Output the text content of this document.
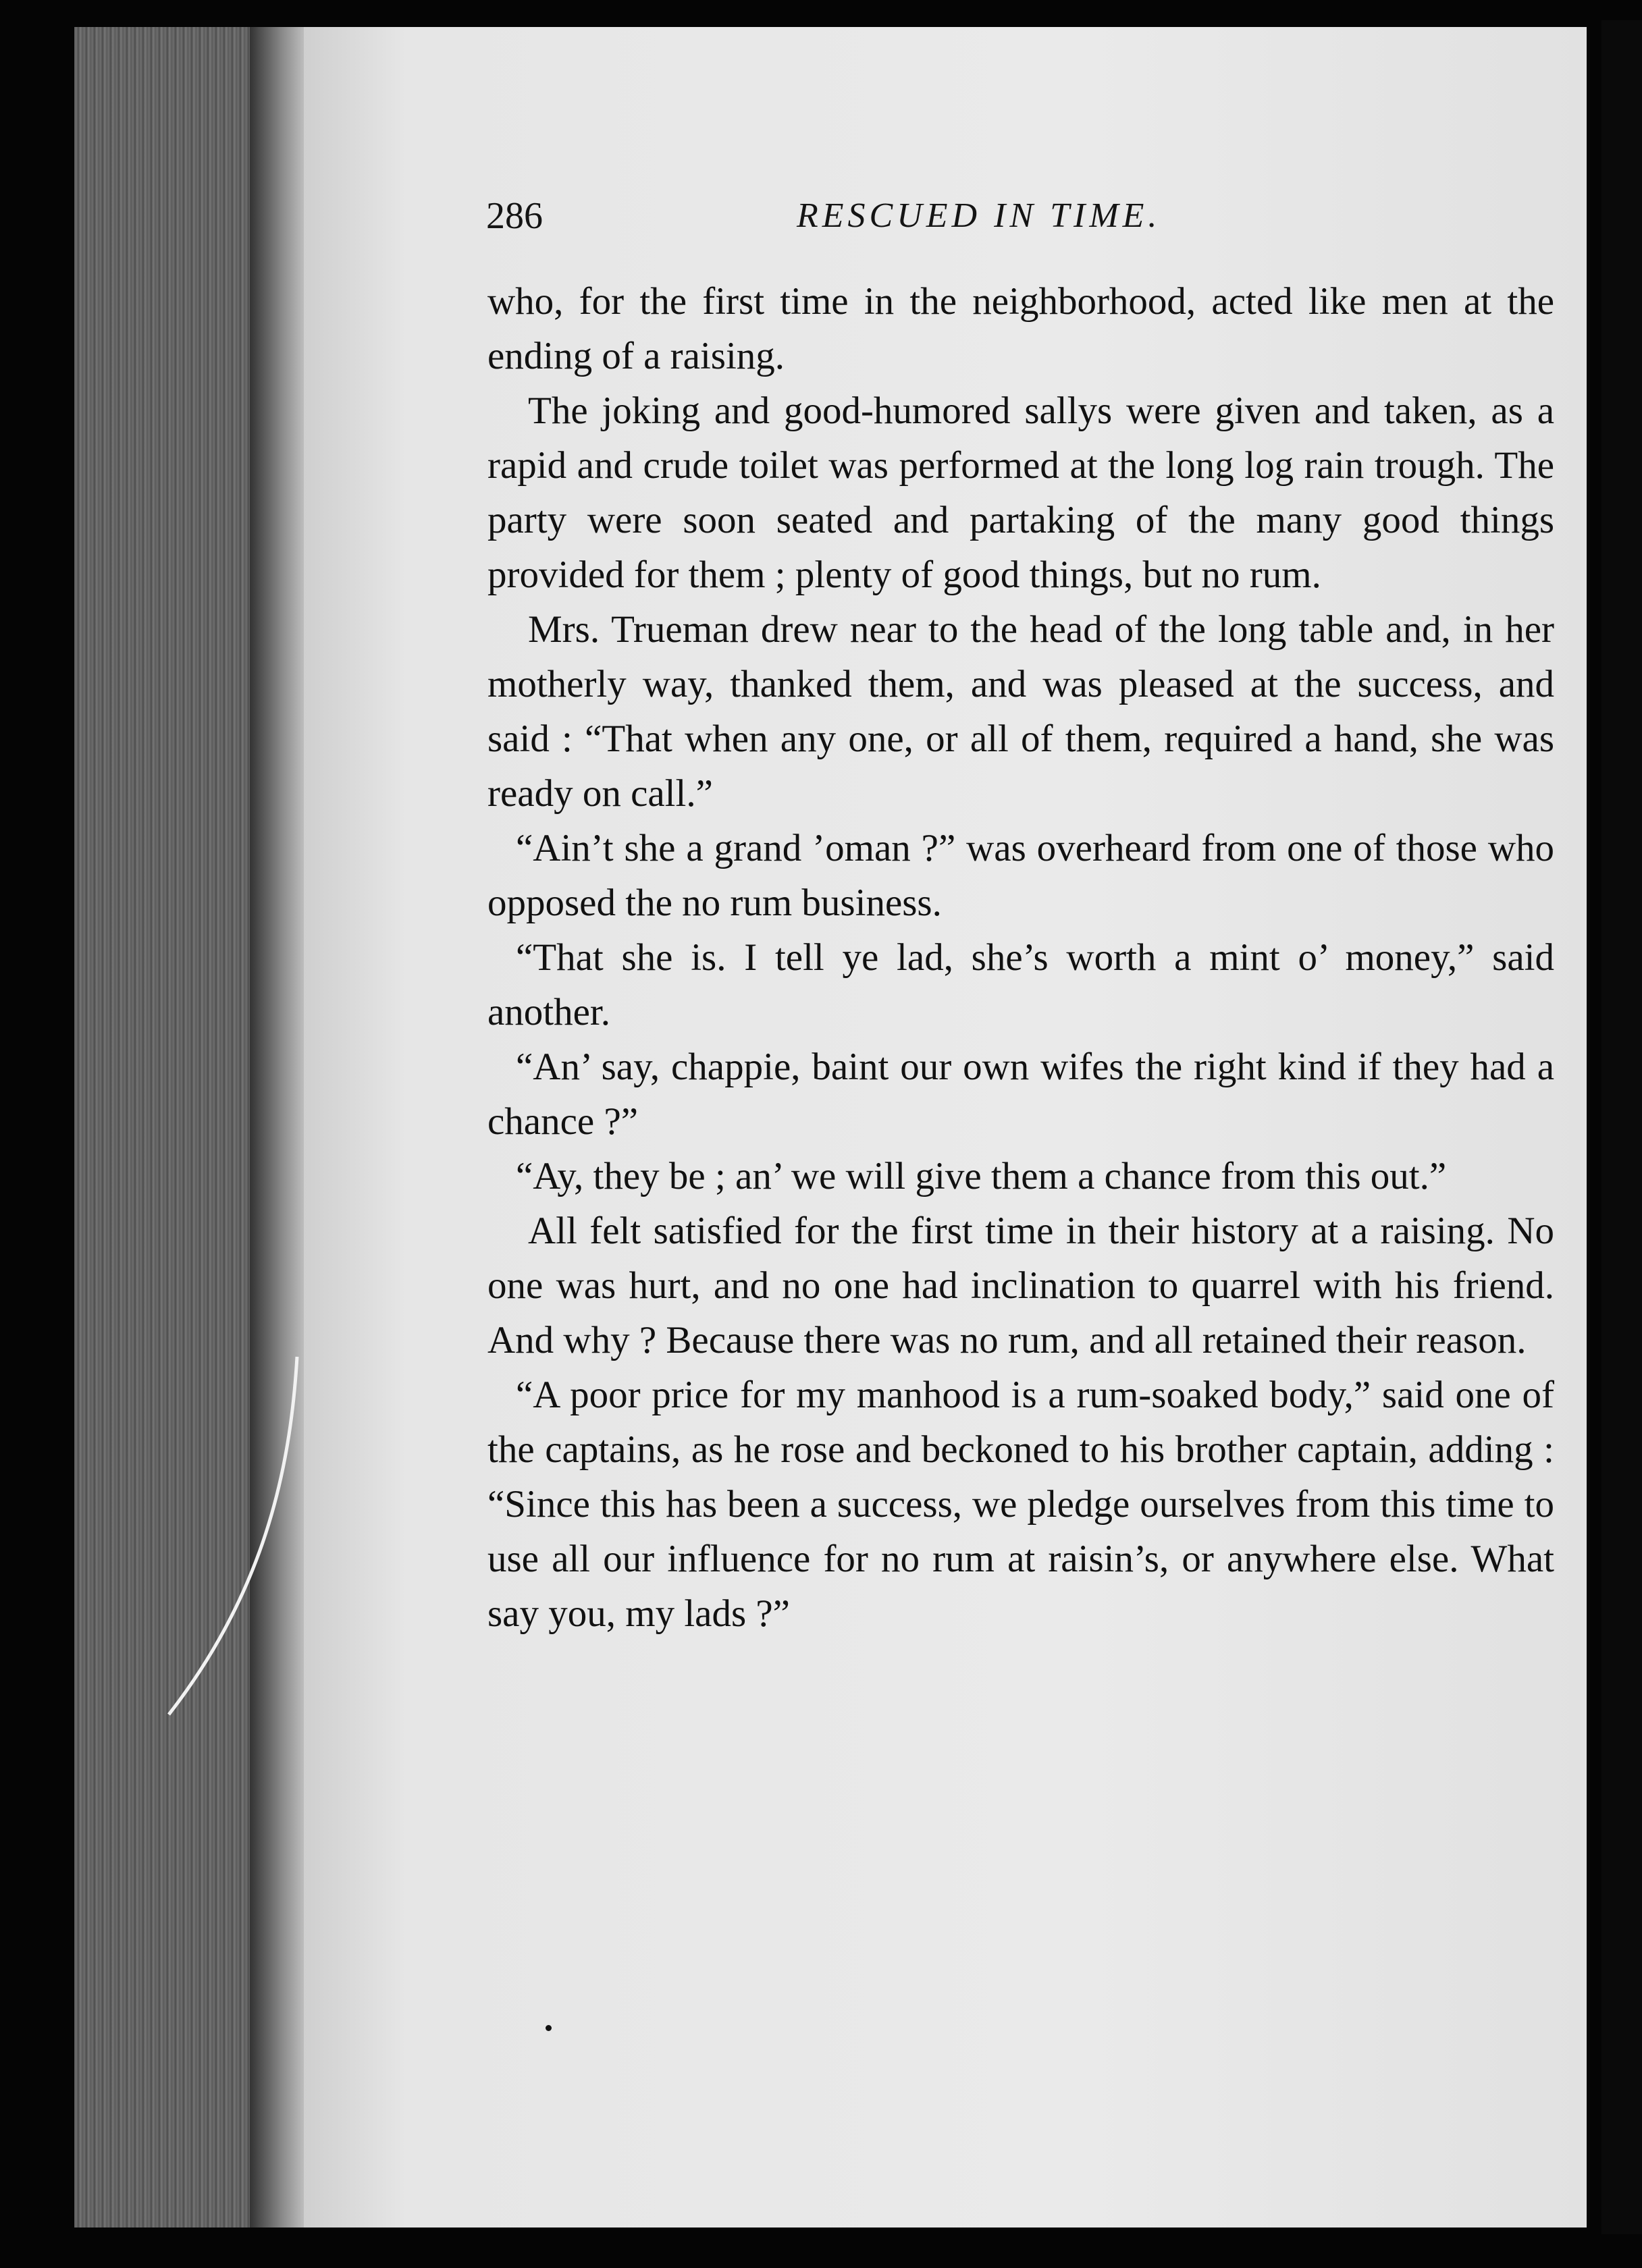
286	RESCUED IN TIME.

who, for the first time in the neighborhood, acted like men at the ending of a raising.

The joking and good-humored sallys were given and taken, as a rapid and crude toilet was performed at the long log rain trough. The party were soon seated and partaking of the many good things provided for them ; plenty of good things, but no rum.

Mrs. Trueman drew near to the head of the long table and, in her motherly way, thanked them, and was pleased at the success, and said : “That when any one, or all of them, required a hand, she was ready on call.”

“Ain’t she a grand ’oman ?” was overheard from one of those who opposed the no rum business.

“That she is. I tell ye lad, she’s worth a mint o’ money,” said another.

“An’ say, chappie, baint our own wifes the right kind if they had a chance ?”

“Ay, they be ; an’ we will give them a chance from this out.”

All felt satisfied for the first time in their history at a raising. No one was hurt, and no one had inclination to quarrel with his friend. And why ? Because there was no rum, and all retained their reason.

“A poor price for my manhood is a rum-soaked body,” said one of the captains, as he rose and beckoned to his brother captain, adding : “Since this has been a success, we pledge ourselves from this time to use all our influence for no rum at raisin’s, or anywhere else. What say you, my lads ?”
